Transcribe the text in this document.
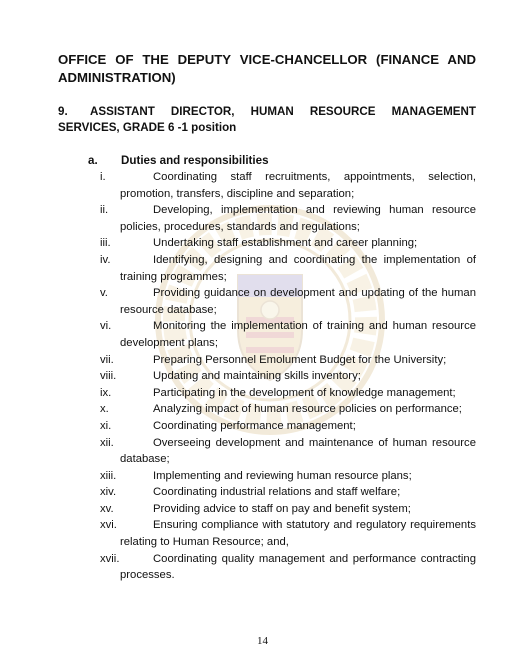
OFFICE OF THE DEPUTY VICE-CHANCELLOR (FINANCE AND ADMINISTRATION)
9. ASSISTANT DIRECTOR, HUMAN RESOURCE MANAGEMENT SERVICES, GRADE 6 -1 position
a. Duties and responsibilities
i.	Coordinating staff recruitments, appointments, selection, promotion, transfers, discipline and separation;
ii.	Developing, implementation and reviewing human resource policies, procedures, standards and regulations;
iii.	Undertaking staff establishment and career planning;
iv.	Identifying, designing and coordinating the implementation of training programmes;
v.	Providing guidance on development and updating of the human resource database;
vi.	Monitoring the implementation of training and human resource development plans;
vii.	Preparing Personnel Emolument Budget for the University;
viii.	Updating and maintaining skills inventory;
ix.	Participating in the development of knowledge management;
x.	Analyzing impact of human resource policies on performance;
xi.	Coordinating performance management;
xii.	Overseeing development and maintenance of human resource database;
xiii.	Implementing and reviewing human resource plans;
xiv.	Coordinating industrial relations and staff welfare;
xv.	Providing advice to staff on pay and benefit system;
xvi.	Ensuring compliance with statutory and regulatory requirements relating to Human Resource; and,
xvii.	Coordinating quality management and performance contracting processes.
14
